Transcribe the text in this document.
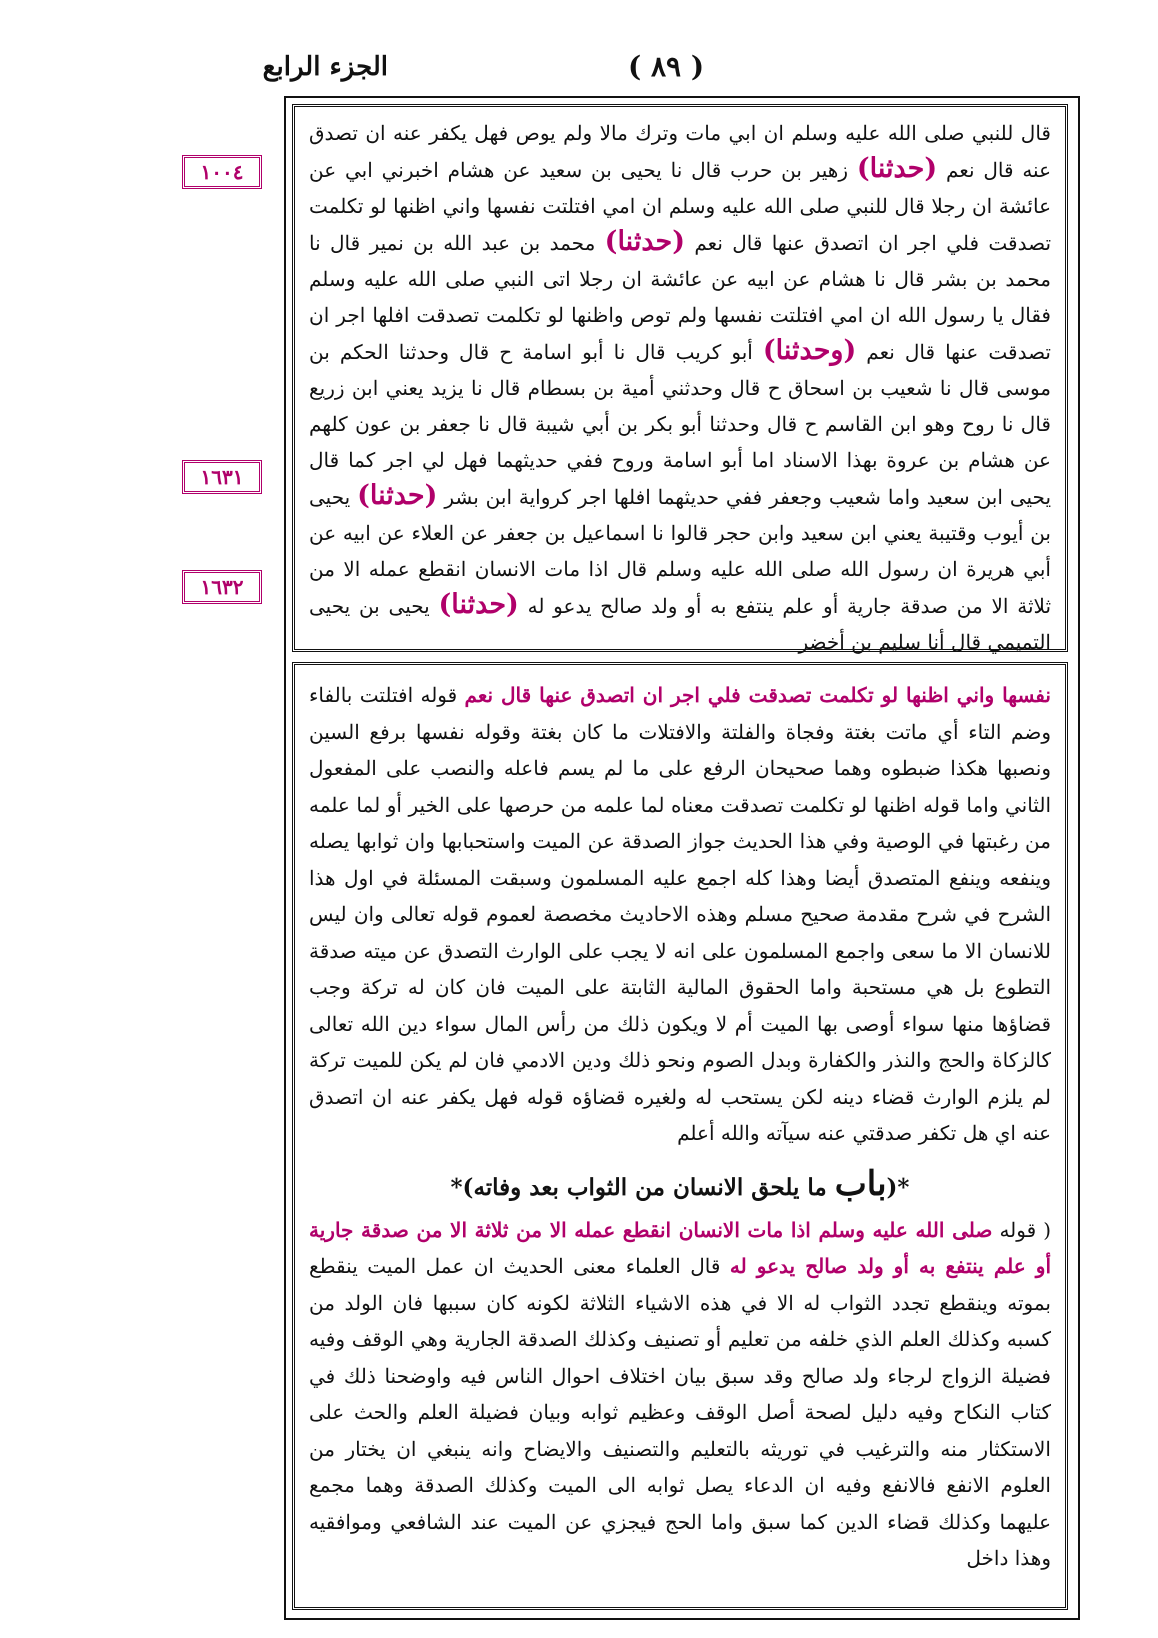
الجزء الرابع	( ٨٩ )
١٠٠٤
١٦٣١
١٦٣٢
قال للنبي صلى الله عليه وسلم ان ابي مات وترك مالا ولم يوص فهل يكفر عنه ان تصدق عنه قال نعم (حدثنا) زهير بن حرب قال نا يحيى بن سعيد عن هشام اخبرني ابي عن عائشة ان رجلا قال للنبي صلى الله عليه وسلم ان امي افتلتت نفسها واني اظنها لو تكلمت تصدقت فلي اجر ان اتصدق عنها قال نعم (حدثنا) محمد بن عبد الله بن نمير قال نا محمد بن بشر قال نا هشام عن ابيه عن عائشة ان رجلا اتى النبي صلى الله عليه وسلم فقال يا رسول الله ان امي افتلتت نفسها ولم توص واظنها لو تكلمت تصدقت افلها اجر ان تصدقت عنها قال نعم (وحدثنا) أبو كريب قال نا أبو اسامة ح قال وحدثنا الحكم بن موسى قال نا شعيب بن اسحاق ح قال وحدثني أمية بن بسطام قال نا يزيد يعني ابن زريع قال نا روح وهو ابن القاسم ح قال وحدثنا أبو بكر بن أبي شيبة قال نا جعفر بن عون كلهم عن هشام بن عروة بهذا الاسناد اما أبو اسامة وروح ففي حديثهما فهل لي اجر كما قال يحيى ابن سعيد واما شعيب وجعفر ففي حديثهما افلها اجر كرواية ابن بشر (حدثنا) يحيى بن أيوب وقتيبة يعني ابن سعيد وابن حجر قالوا نا اسماعيل بن جعفر عن العلاء عن ابيه عن أبي هريرة ان رسول الله صلى الله عليه وسلم قال اذا مات الانسان انقطع عمله الا من ثلاثة الا من صدقة جارية أو علم ينتفع به أو ولد صالح يدعو له (حدثنا) يحيى بن يحيى التميمي قال أنا سليم بن أخضر
نفسها واني اظنها لو تكلمت تصدقت فلي اجر ان اتصدق عنها قال نعم قوله افتلتت بالفاء وضم التاء أي ماتت بغتة وفجاة والفلتة والافتلات ما كان بغتة وقوله نفسها برفع السين ونصبها هكذا ضبطوه وهما صحيحان الرفع على ما لم يسم فاعله والنصب على المفعول الثاني واما قوله اظنها لو تكلمت تصدقت معناه لما علمه من حرصها على الخير أو لما علمه من رغبتها في الوصية وفي هذا الحديث جواز الصدقة عن الميت واستحبابها وان ثوابها يصله وينفعه وينفع المتصدق أيضا وهذا كله اجمع عليه المسلمون وسبقت المسئلة في اول هذا الشرح في شرح مقدمة صحيح مسلم وهذه الاحاديث مخصصة لعموم قوله تعالى وان ليس للانسان الا ما سعى واجمع المسلمون على انه لا يجب على الوارث التصدق عن ميته صدقة التطوع بل هي مستحبة واما الحقوق المالية الثابتة على الميت فان كان له تركة وجب قضاؤها منها سواء أوصى بها الميت أم لا ويكون ذلك من رأس المال سواء دين الله تعالى كالزكاة والحج والنذر والكفارة وبدل الصوم ونحو ذلك ودين الادمي فان لم يكن للميت تركة لم يلزم الوارث قضاء دينه لكن يستحب له ولغيره قضاؤه قوله فهل يكفر عنه ان اتصدق عنه اي هل تكفر صدقتي عنه سيآته والله أعلم
*(باب ما يلحق الانسان من الثواب بعد وفاته)*
( قوله صلى الله عليه وسلم اذا مات الانسان انقطع عمله الا من ثلاثة الا من صدقة جارية أو علم ينتفع به أو ولد صالح يدعو له قال العلماء معنى الحديث ان عمل الميت ينقطع بموته وينقطع تجدد الثواب له الا في هذه الاشياء الثلاثة لكونه كان سببها فان الولد من كسبه وكذلك العلم الذي خلفه من تعليم أو تصنيف وكذلك الصدقة الجارية وهي الوقف وفيه فضيلة الزواج لرجاء ولد صالح وقد سبق بيان اختلاف احوال الناس فيه واوضحنا ذلك في كتاب النكاح وفيه دليل لصحة أصل الوقف وعظيم ثوابه وبيان فضيلة العلم والحث على الاستكثار منه والترغيب في توريثه بالتعليم والتصنيف والايضاح وانه ينبغي ان يختار من العلوم الانفع فالانفع وفيه ان الدعاء يصل ثوابه الى الميت وكذلك الصدقة وهما مجمع عليهما وكذلك قضاء الدين كما سبق واما الحج فيجزي عن الميت عند الشافعي وموافقيه وهذا داخل
